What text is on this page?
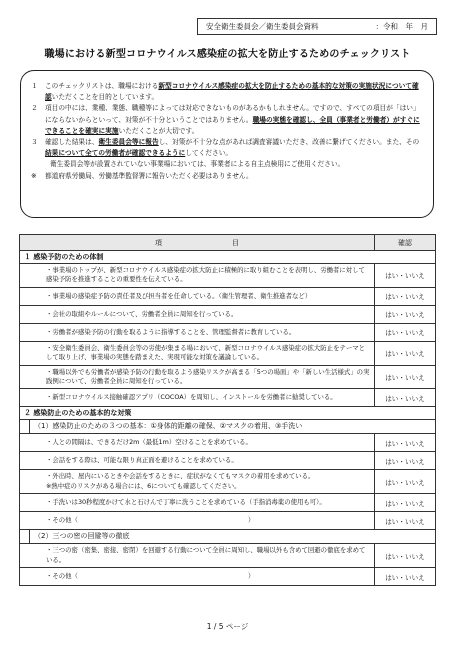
安全衛生委員会／衛生委員会資料	：令和　年　月
職場における新型コロナウイルス感染症の拡大を防止するためのチェックリスト
１	このチェックリストは、職場における新型コロナウイルス感染症の拡大を防止するための基本的な対策の実施状況について確認いただくことを目的としています。
２	項目の中には、業種、業態、職種等によっては対応できないものがあるかもしれません。ですので、すべての項目が「はい」にならないからといって、対策が不十分ということではありません。職場の実態を確認し、全員（事業者と労働者）がすぐにできることを確実に実施いただくことが大切です。
３	確認した結果は、衛生委員会等に報告し、対策が不十分な点があれば調査審議いただき、改善に繋げてください。また、その結果について全ての労働者が確認できるようにしてください。
衛生委員会等が設置されていない事業場においては、事業者による自主点検用にご使用ください。
※	都道府県労働局、労働基準監督署に報告いただく必要はありません。
項　　　　　　　　　　目	確認
１ 感染予防のための体制	
・事業場のトップが、新型コロナウイルス感染症の拡大防止に積極的に取り組むことを表明し、労働者に対して感染予防を推進することの重要性を伝えている。	はい・いいえ
・事業場の感染症予防の責任者及び担当者を任命している。（衛生管理者、衛生推進者など）	はい・いいえ
・会社の取組やルールについて、労働者全員に周知を行っている。	はい・いいえ
・労働者が感染予防の行動を取るように指導することを、管理監督者に教育している。	はい・いいえ
・安全衛生委員会、衛生委員会等の労使が集まる場において、新型コロナウイルス感染症の拡大防止をテーマとして取り上げ、事業場の実態を踏まえた、実現可能な対策を議論している。	はい・いいえ
・職場以外でも労働者が感染予防の行動を取るよう感染リスクが高まる「5つの場面」や「新しい生活様式」の実践例について、労働者全員に周知を行っている。	はい・いいえ
・新型コロナウイルス接触確認アプリ（COCOA）を周知し、インストールを労働者に勧奨している。	はい・いいえ
２ 感染防止のための基本的な対策	

（1）感染防止のための３つの基本：①身体的距離の確保、②マスクの着用、③手洗い	

・人との間隔は、できるだけ2m（最低1m）空けることを求めている。	はい・いいえ
・会話をする際は、可能な限り真正面を避けることを求めている。	はい・いいえ

・外出時、屋内にいるときや会話をするときに、症状がなくてもマスクの着用を求めている。
※熱中症のリスクがある場合には、6についても確認してください。	はい・いいえ
・手洗いは30秒程度かけて水と石けんで丁寧に洗うことを求めている（手指消毒薬の使用も可）。	はい・いいえ
・その他（ ）	はい・いいえ

（2）三つの密の回避等の徹底	

・三つの密（密集、密接、密閉）を回避する行動について全員に周知し、職場以外も含めて回避の徹底を求めている。	はい・いいえ
・その他（ ）	はい・いいえ
1 / 5 ページ
